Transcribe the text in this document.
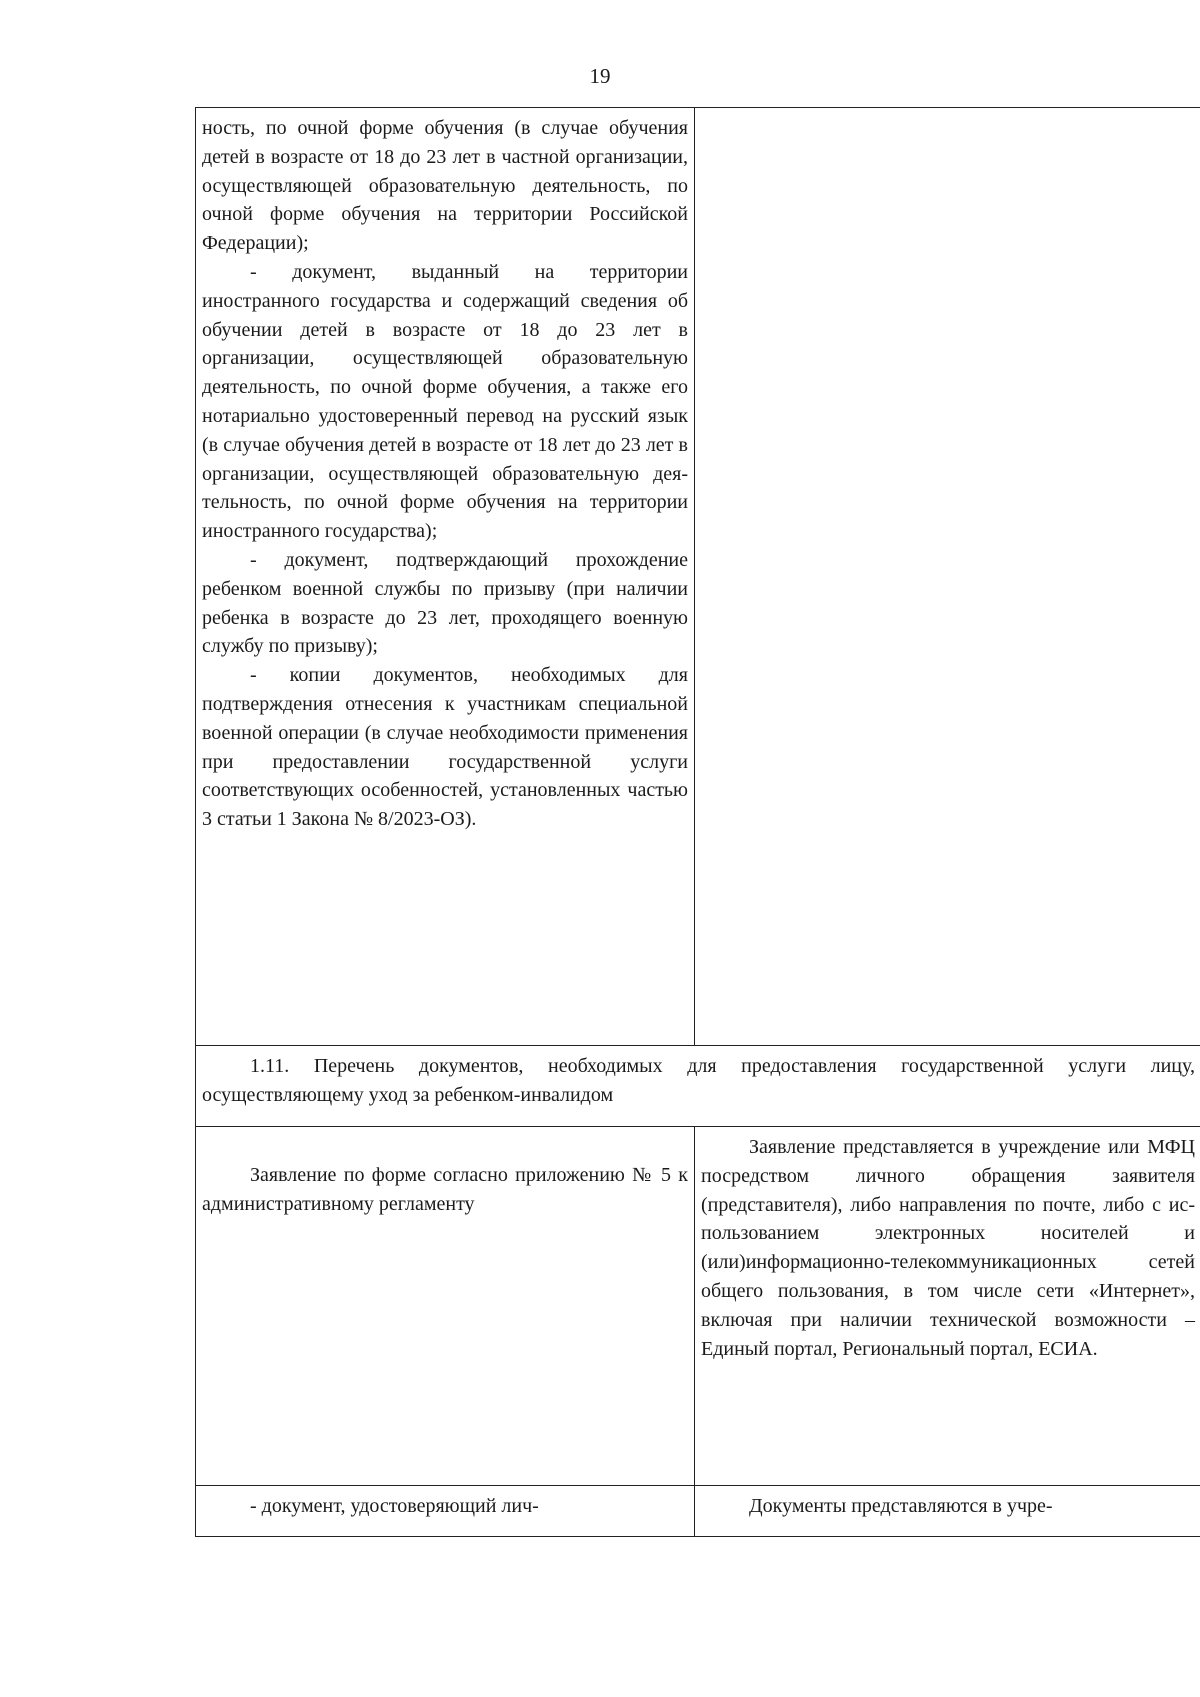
19

ность, по очной форме обучения (в случае обучения детей в возрасте от 18 до 23 лет в частной организации, осуществляющей образовательную деятельность, по очной форме обучения на территории Российской Федерации);

- документ, выданный на территории иностранного государства и содержащий сведения об обучении детей в возрасте от 18 до 23 лет в организации, осуществляющей образовательную деятельность, по очной форме обучения, а также его нотариально удостоверенный перевод на русский язык (в случае обучения детей в возрасте от 18 лет до 23 лет в организации, осуществляющей образовательную деятельность, по очной форме обучения на территории иностранного государства);

- документ, подтверждающий прохождение ребенком военной службы по призыву (при наличии ребенка в возрасте до 23 лет, проходящего военную службу по призыву);

- копии документов, необходимых для подтверждения отнесения к участникам специальной военной операции (в случае необходимости применения при предоставлении государственной услуги соответствующих особенностей, установленных частью 3 статьи 1 Закона № 8/2023-ОЗ).	

1.11. Перечень документов, необходимых для предоставления государственной услуги лицу, осуществляющему уход за ребенком-инвалидом	

Заявление по форме согласно приложению № 5 к административному регламенту	Заявление представляется в учреждение или МФЦ посредством личного обращения заявителя (представителя), либо направления по почте, либо с использованием электронных носителей и (или)информационно-телекоммуникационных сетей общего пользования, в том числе сети «Интернет», включая при наличии технической возможности – Единый портал, Региональный портал, ЕСИА.

- документ, удостоверяющий лич-	Документы представляются в учре-
